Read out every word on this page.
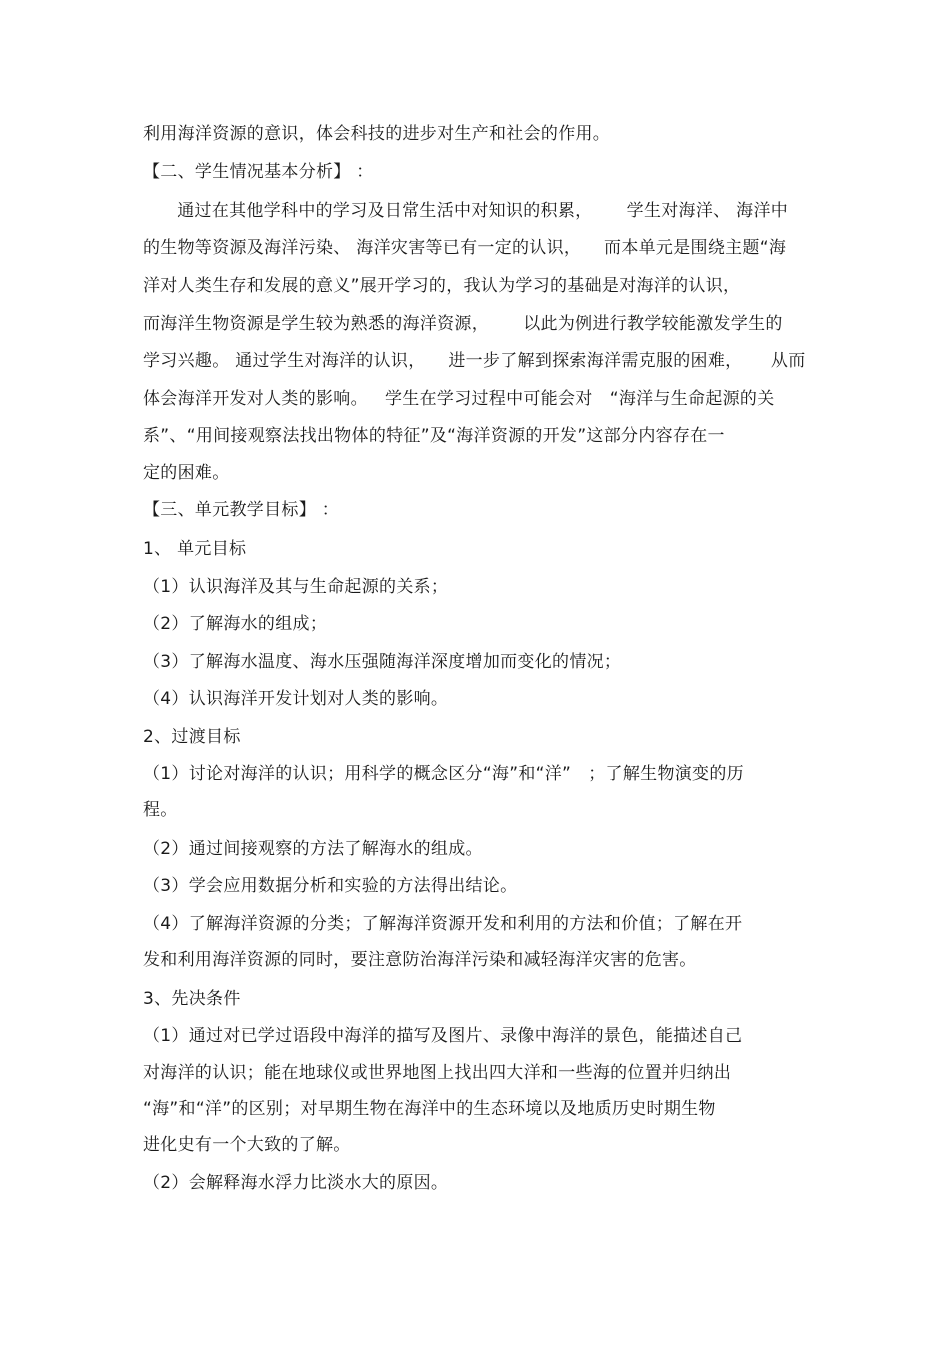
利用海洋资源的意识，体会科技的进步对生产和社会的作用。
【二、学生情况基本分析】 ：
通过在其他学科中的学习及日常生活中对知识的积累，      学生对海洋、 海洋中
的生物等资源及海洋污染、 海洋灾害等已有一定的认识，    而本单元是围绕主题“海
洋对人类生存和发展的意义”展开学习的，我认为学习的基础是对海洋的认识，
而海洋生物资源是学生较为熟悉的海洋资源，      以此为例进行教学较能激发学生的
学习兴趣。 通过学生对海洋的认识，    进一步了解到探索海洋需克服的困难，     从而
体会海洋开发对人类的影响。   学生在学习过程中可能会对   “海洋与生命起源的关
系”、“用间接观察法找出物体的特征”及“海洋资源的开发”这部分内容存在一
定的困难。
【三、单元教学目标】 ：
1、 单元目标
（1）认识海洋及其与生命起源的关系；
（2）了解海水的组成；
（3）了解海水温度、海水压强随海洋深度增加而变化的情况；
（4）认识海洋开发计划对人类的影响。
2、过渡目标
（1）讨论对海洋的认识；用科学的概念区分“海”和“洋”   ；了解生物演变的历
程。
（2）通过间接观察的方法了解海水的组成。
（3）学会应用数据分析和实验的方法得出结论。
（4）了解海洋资源的分类；了解海洋资源开发和利用的方法和价值；了解在开
发和利用海洋资源的同时，要注意防治海洋污染和减轻海洋灾害的危害。
3、先决条件
（1）通过对已学过语段中海洋的描写及图片、录像中海洋的景色，能描述自己
对海洋的认识；能在地球仪或世界地图上找出四大洋和一些海的位置并归纳出
“海”和“洋”的区别；对早期生物在海洋中的生态环境以及地质历史时期生物
进化史有一个大致的了解。
（2）会解释海水浮力比淡水大的原因。
